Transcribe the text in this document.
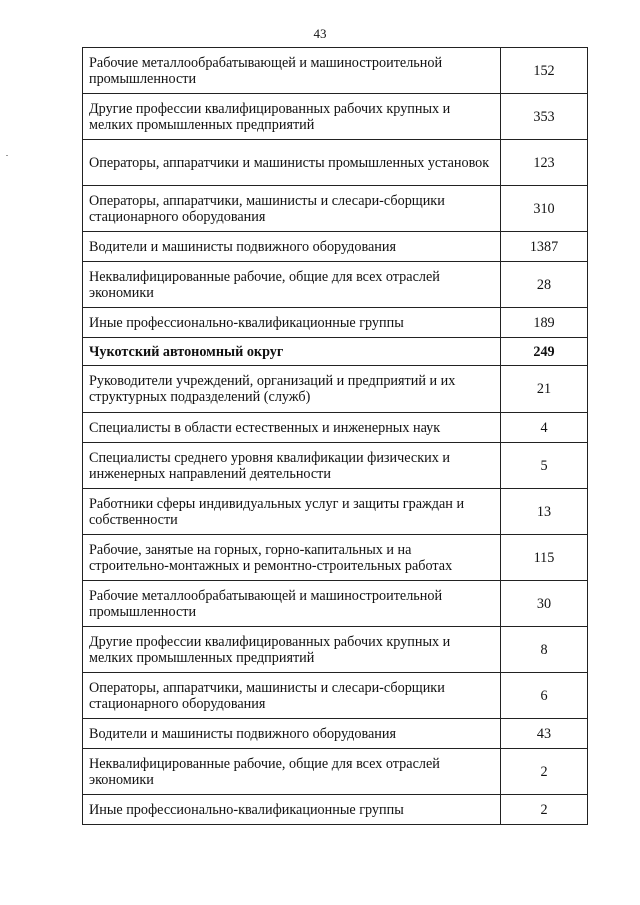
43
Рабочие металлообрабатывающей и машиностроительной промышленности	152
Другие профессии квалифицированных рабочих крупных и мелких промышленных предприятий	353
Операторы, аппаратчики и машинисты промышленных установок	123
Операторы, аппаратчики, машинисты и слесари-сборщики стационарного оборудования	310
Водители и машинисты подвижного оборудования	1387
Неквалифицированные рабочие, общие для всех отраслей экономики	28
Иные профессионально-квалификационные группы	189
Чукотский автономный округ	249
Руководители учреждений, организаций и предприятий и их структурных подразделений (служб)	21
Специалисты в области естественных и инженерных наук	4
Специалисты среднего уровня квалификации физических и инженерных направлений деятельности	5
Работники сферы индивидуальных услуг и защиты граждан и собственности	13
Рабочие, занятые на горных, горно-капитальных и на строительно-монтажных и ремонтно-строительных работах	115
Рабочие металлообрабатывающей и машиностроительной промышленности	30
Другие профессии квалифицированных рабочих крупных и мелких промышленных предприятий	8
Операторы, аппаратчики, машинисты и слесари-сборщики стационарного оборудования	6
Водители и машинисты подвижного оборудования	43
Неквалифицированные рабочие, общие для всех отраслей экономики	2
Иные профессионально-квалификационные группы	2
